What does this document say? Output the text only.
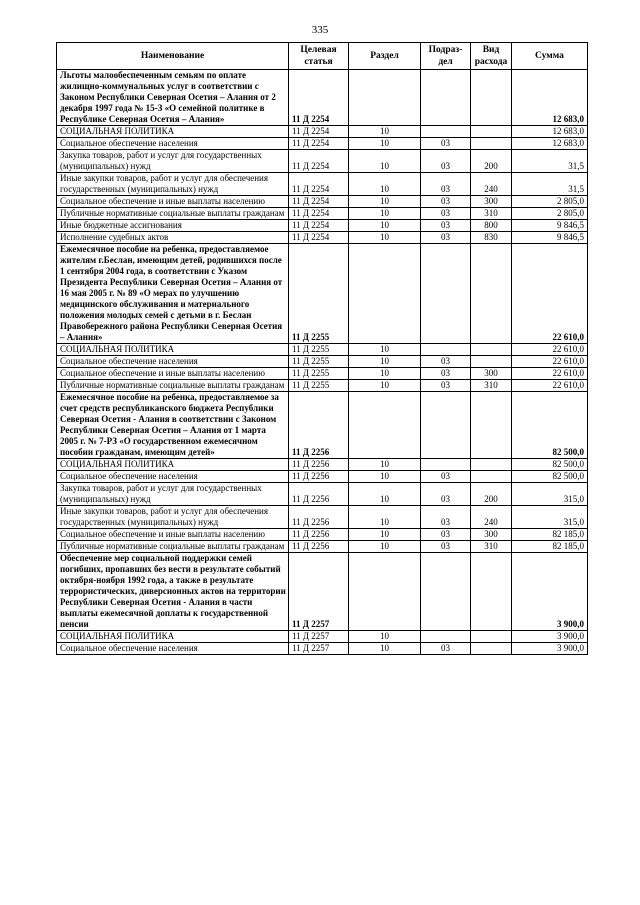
335
Наименование	Целевая статья	Раздел	Подраз-дел	Вид расхода	Сумма
Льготы малообеспеченным семьям по оплате жилищно-коммунальных услуг в соответствии с Законом Республики Северная Осетия – Алания от 2 декабря 1997 года № 15-З «О семейной политике в Республике Северная Осетия – Алания»	11 Д 2254				12 683,0
СОЦИАЛЬНАЯ ПОЛИТИКА	11 Д 2254	10			12 683,0
Социальное обеспечение населения	11 Д 2254	10	03		12 683,0
Закупка товаров, работ и услуг для государственных (муниципальных) нужд	11 Д 2254	10	03	200	31,5
Иные закупки товаров, работ и услуг для обеспечения государственных (муниципальных) нужд	11 Д 2254	10	03	240	31,5
Социальное обеспечение и иные выплаты населению	11 Д 2254	10	03	300	2 805,0
Публичные нормативные социальные выплаты гражданам	11 Д 2254	10	03	310	2 805,0
Иные бюджетные ассигнования	11 Д 2254	10	03	800	9 846,5
Исполнение судебных актов	11 Д 2254	10	03	830	9 846,5
Ежемесячное пособие на ребенка, предоставляемое жителям г.Беслан, имеющим детей, родившихся после 1 сентября 2004 года, в соответствии с Указом Президента Республики Северная Осетия – Алания от 16 мая 2005 г. № 89 «О мерах по улучшению медицинского обслуживания и материального положения молодых семей с детьми в г. Беслан Правобережного района Республики Северная Осетия – Алания»	11 Д 2255				22 610,0
СОЦИАЛЬНАЯ ПОЛИТИКА	11 Д 2255	10			22 610,0
Социальное обеспечение населения	11 Д 2255	10	03		22 610,0
Социальное обеспечение и иные выплаты населению	11 Д 2255	10	03	300	22 610,0
Публичные нормативные социальные выплаты гражданам	11 Д 2255	10	03	310	22 610,0
Ежемесячное пособие на ребенка, предоставляемое за счет средств республиканского бюджета Республики Северная Осетия - Алания в соответствии с Законом Республики Северная Осетия – Алания от 1 марта 2005 г. № 7-РЗ «О государственном ежемесячном пособии гражданам, имеющим детей»	11 Д 2256				82 500,0
СОЦИАЛЬНАЯ ПОЛИТИКА	11 Д 2256	10			82 500,0
Социальное обеспечение населения	11 Д 2256	10	03		82 500,0
Закупка товаров, работ и услуг для государственных (муниципальных) нужд	11 Д 2256	10	03	200	315,0
Иные закупки товаров, работ и услуг для обеспечения государственных (муниципальных) нужд	11 Д 2256	10	03	240	315,0
Социальное обеспечение и иные выплаты населению	11 Д 2256	10	03	300	82 185,0
Публичные нормативные социальные выплаты гражданам	11 Д 2256	10	03	310	82 185,0
Обеспечение мер социальной поддержки семей погибших, пропавших без вести в результате событий октября-ноября 1992 года, а также в результате террористических, диверсионных актов на территории Республики Северная Осетия - Алания в части выплаты ежемесячной доплаты к государственной пенсии	11 Д 2257				3 900,0
СОЦИАЛЬНАЯ ПОЛИТИКА	11 Д 2257	10			3 900,0
Социальное обеспечение населения	11 Д 2257	10	03		3 900,0
